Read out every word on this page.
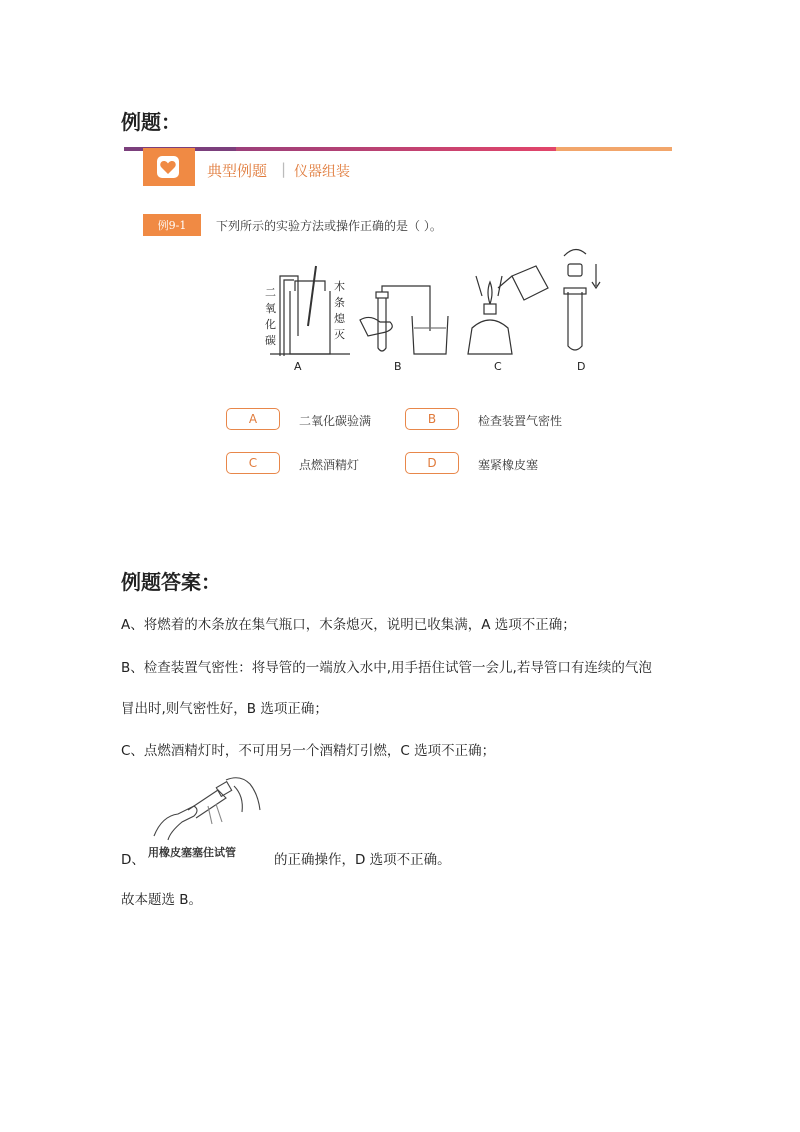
例题：
典型例题 | 仪器组装
例9-1	下列所示的实验方法或操作正确的是（ ）。
二
氧
化
碳
木
条
熄
灭
A	B	C	D
A	二氧化碳验满	B	检查装置气密性
C	点燃酒精灯	D	塞紧橡皮塞
例题答案：
A、将燃着的木条放在集气瓶口，木条熄灭，说明已收集满，A 选项不正确；
B、检查装置气密性：将导管的一端放入水中,用手捂住试管一会儿,若导管口有连续的气泡
冒出时,则气密性好，B 选项正确；
C、点燃酒精灯时，不可用另一个酒精灯引燃，C 选项不正确；
D、 用橡皮塞塞住试管	的正确操作，D 选项不正确。
故本题选 B。
